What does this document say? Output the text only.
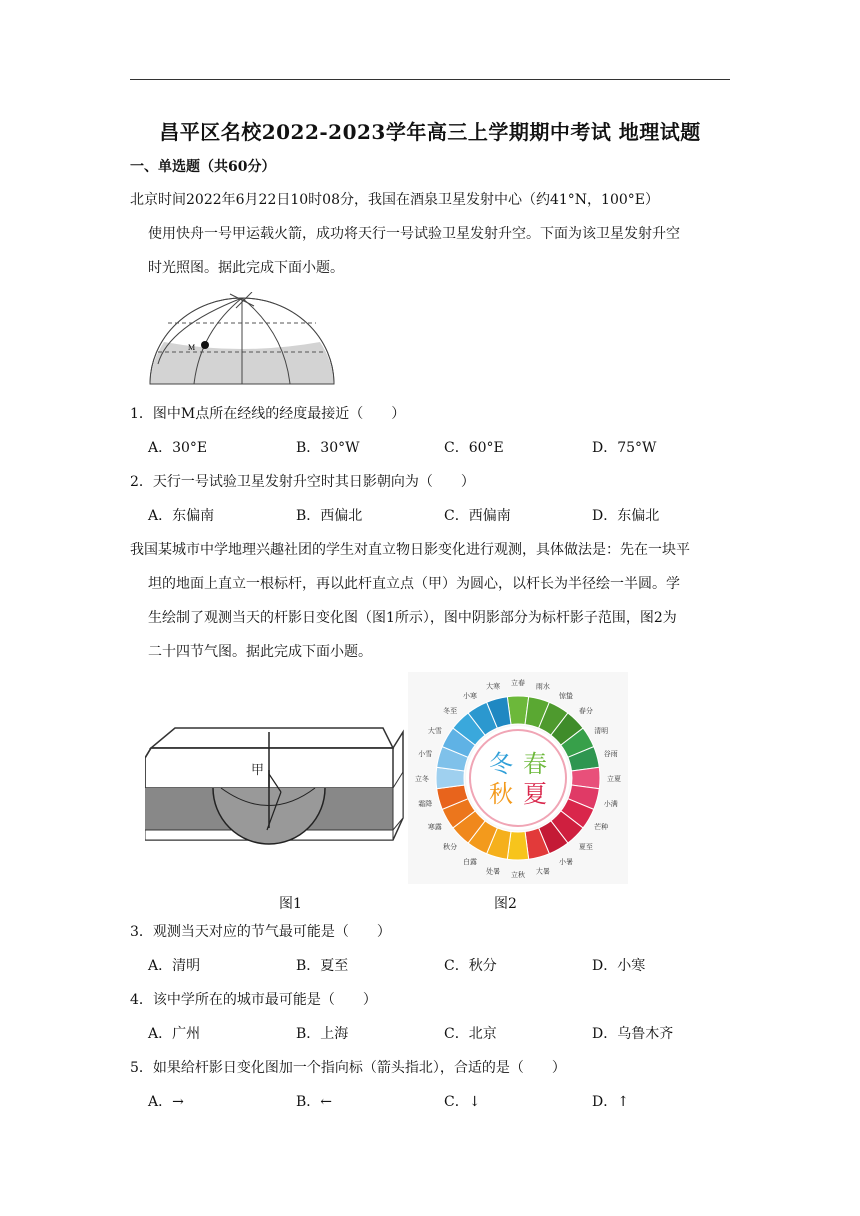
昌平区名校2022-2023学年高三上学期期中考试 地理试题
一、单选题（共60分）
北京时间2022年6月22日10时08分，我国在酒泉卫星发射中心（约41°N，100°E）
使用快舟一号甲运载火箭，成功将天行一号试验卫星发射升空。下面为该卫星发射升空
时光照图。据此完成下面小题。
M
1．图中M点所在经线的经度最接近（　　）
A．30°E	B．30°W	C．60°E	D．75°W
2．天行一号试验卫星发射升空时其日影朝向为（　　）
A．东偏南	B．西偏北	C．西偏南	D．东偏北
我国某城市中学地理兴趣社团的学生对直立物日影变化进行观测，具体做法是：先在一块平
坦的地面上直立一根标杆，再以此杆直立点（甲）为圆心，以杆长为半径绘一半圆。学
生绘制了观测当天的杆影日变化图（图1所示），图中阴影部分为标杆影子范围，图2为
二十四节气图。据此完成下面小题。
甲
图1
冬 春
秋 夏
立春 雨水
惊蛰
春分
清明
谷雨
立夏
小满
芒种
夏至
小暑
大暑
立秋
处暑
白露
秋分
寒露
霜降
立冬
小雪
大雪
冬至
小寒
大寒
图2
3．观测当天对应的节气最可能是（　　）
A．清明	B．夏至	C．秋分	D．小寒
4．该中学所在的城市最可能是（　　）
A．广州	B．上海	C．北京	D．乌鲁木齐
5．如果给杆影日变化图加一个指向标（箭头指北），合适的是（　　）
A．→	B．←	C．↓	D．↑
